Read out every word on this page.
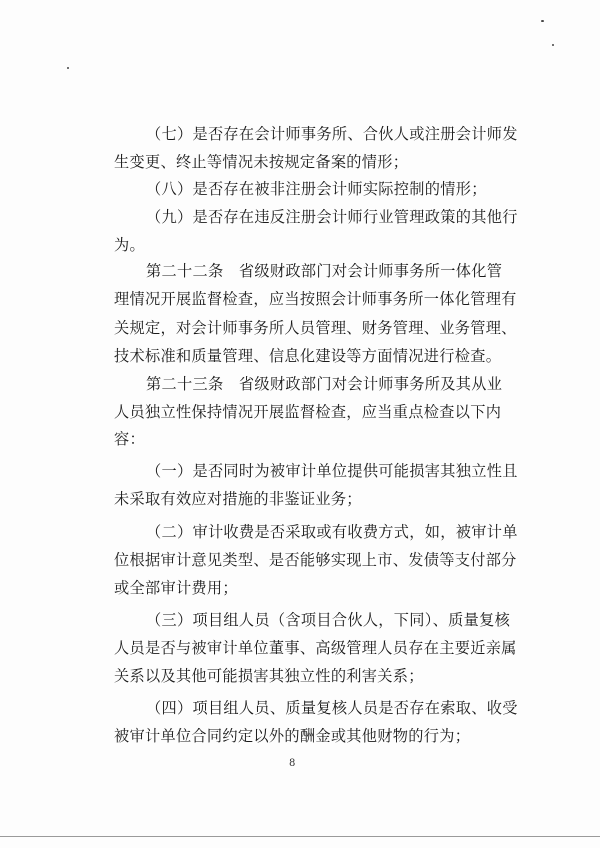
（七）是否存在会计师事务所、合伙人或注册会计师发
生变更、终止等情况未按规定备案的情形；
（八）是否存在被非注册会计师实际控制的情形；
（九）是否存在违反注册会计师行业管理政策的其他行
为。
第二十二条　省级财政部门对会计师事务所一体化管
理情况开展监督检查，应当按照会计师事务所一体化管理有
关规定，对会计师事务所人员管理、财务管理、业务管理、
技术标准和质量管理、信息化建设等方面情况进行检查。
第二十三条　省级财政部门对会计师事务所及其从业
人员独立性保持情况开展监督检查，应当重点检查以下内
容：
（一）是否同时为被审计单位提供可能损害其独立性且
未采取有效应对措施的非鉴证业务；
（二）审计收费是否采取或有收费方式，如，被审计单
位根据审计意见类型、是否能够实现上市、发债等支付部分
或全部审计费用；
（三）项目组人员（含项目合伙人，下同）、质量复核
人员是否与被审计单位董事、高级管理人员存在主要近亲属
关系以及其他可能损害其独立性的利害关系；
（四）项目组人员、质量复核人员是否存在索取、收受
被审计单位合同约定以外的酬金或其他财物的行为；
8
